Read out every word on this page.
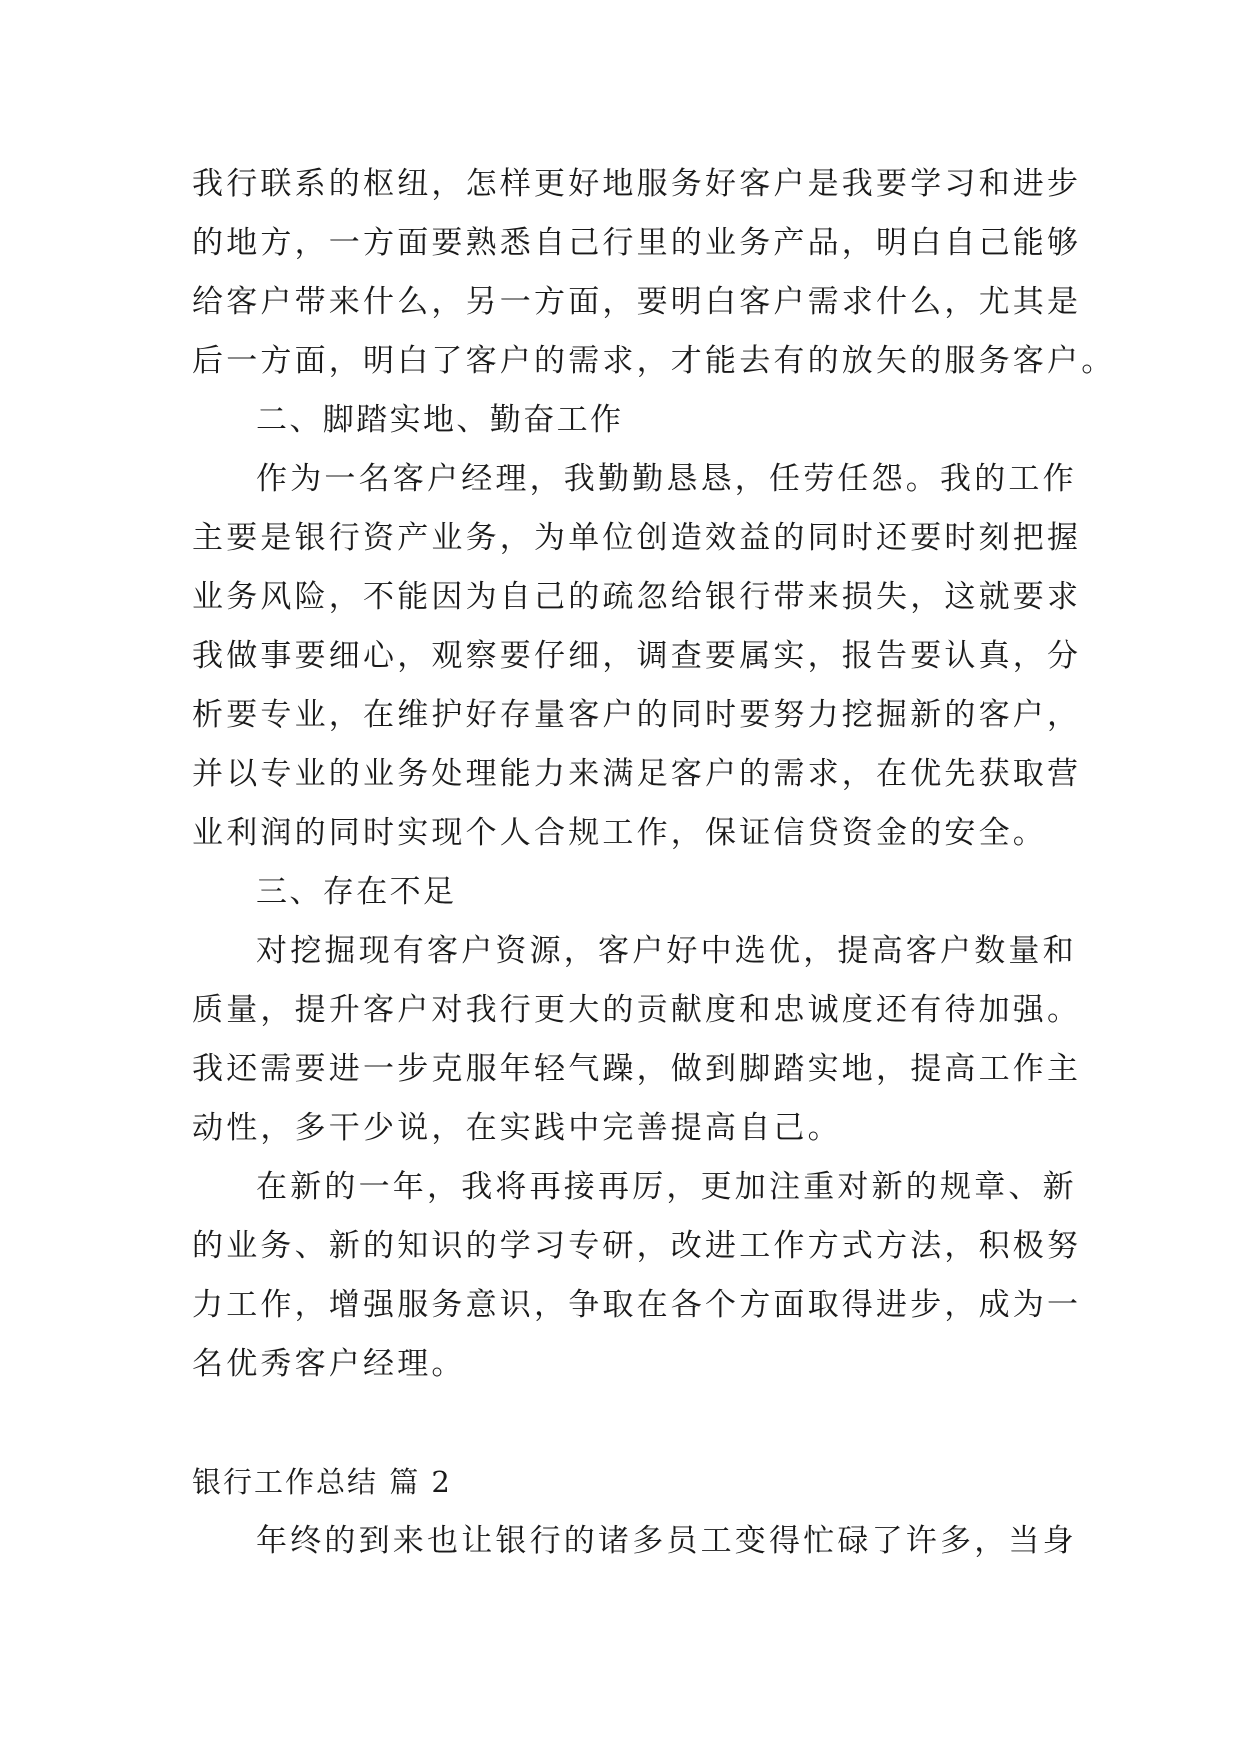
我行联系的枢纽，怎样更好地服务好客户是我要学习和进步
的地方，一方面要熟悉自己行里的业务产品，明白自己能够
给客户带来什么，另一方面，要明白客户需求什么，尤其是
后一方面，明白了客户的需求，才能去有的放矢的服务客户。
二、脚踏实地、勤奋工作
作为一名客户经理，我勤勤恳恳，任劳任怨。我的工作
主要是银行资产业务，为单位创造效益的同时还要时刻把握
业务风险，不能因为自己的疏忽给银行带来损失，这就要求
我做事要细心，观察要仔细，调查要属实，报告要认真，分
析要专业，在维护好存量客户的同时要努力挖掘新的客户，
并以专业的业务处理能力来满足客户的需求，在优先获取营
业利润的同时实现个人合规工作，保证信贷资金的安全。
三、存在不足
对挖掘现有客户资源，客户好中选优，提高客户数量和
质量，提升客户对我行更大的贡献度和忠诚度还有待加强。
我还需要进一步克服年轻气躁，做到脚踏实地，提高工作主
动性，多干少说，在实践中完善提高自己。
在新的一年，我将再接再厉，更加注重对新的规章、新
的业务、新的知识的学习专研，改进工作方式方法，积极努
力工作，增强服务意识，争取在各个方面取得进步，成为一
名优秀客户经理。
银行工作总结 篇 2
年终的到来也让银行的诸多员工变得忙碌了许多，当身
